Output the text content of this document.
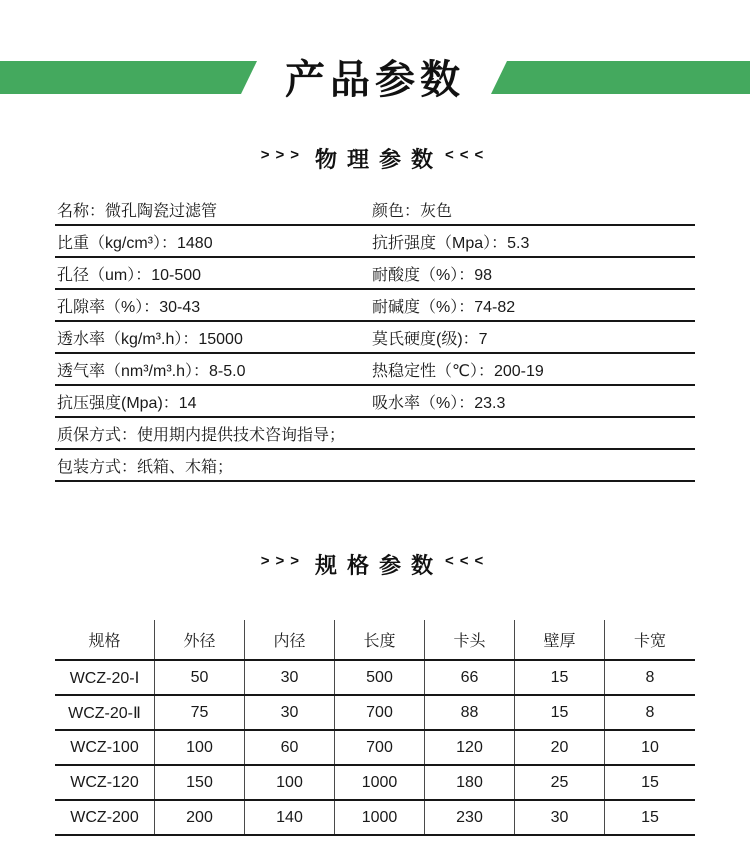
产品参数
>>> 物理参数 <<<
名称：微孔陶瓷过滤管	颜色：灰色
比重（kg/cm³）：1480	抗折强度（Mpa）：5.3
孔径（um）：10-500	耐酸度（%）：98
孔隙率（%）：30-43	耐碱度（%）：74-82
透水率（kg/m³.h）：15000	莫氏硬度(级)：7
透气率（nm³/m³.h）：8-5.0	热稳定性（℃）：200-19
抗压强度(Mpa)：14	吸水率（%）：23.3
质保方式：使用期内提供技术咨询指导；
包装方式：纸箱、木箱；
>>> 规格参数 <<<
规格	外径	内径	长度	卡头	壁厚	卡宽
WCZ-20-Ⅰ	50	30	500	66	15	8
WCZ-20-Ⅱ	75	30	700	88	15	8
WCZ-100	100	60	700	120	20	10
WCZ-120	150	100	1000	180	25	15
WCZ-200	200	140	1000	230	30	15
